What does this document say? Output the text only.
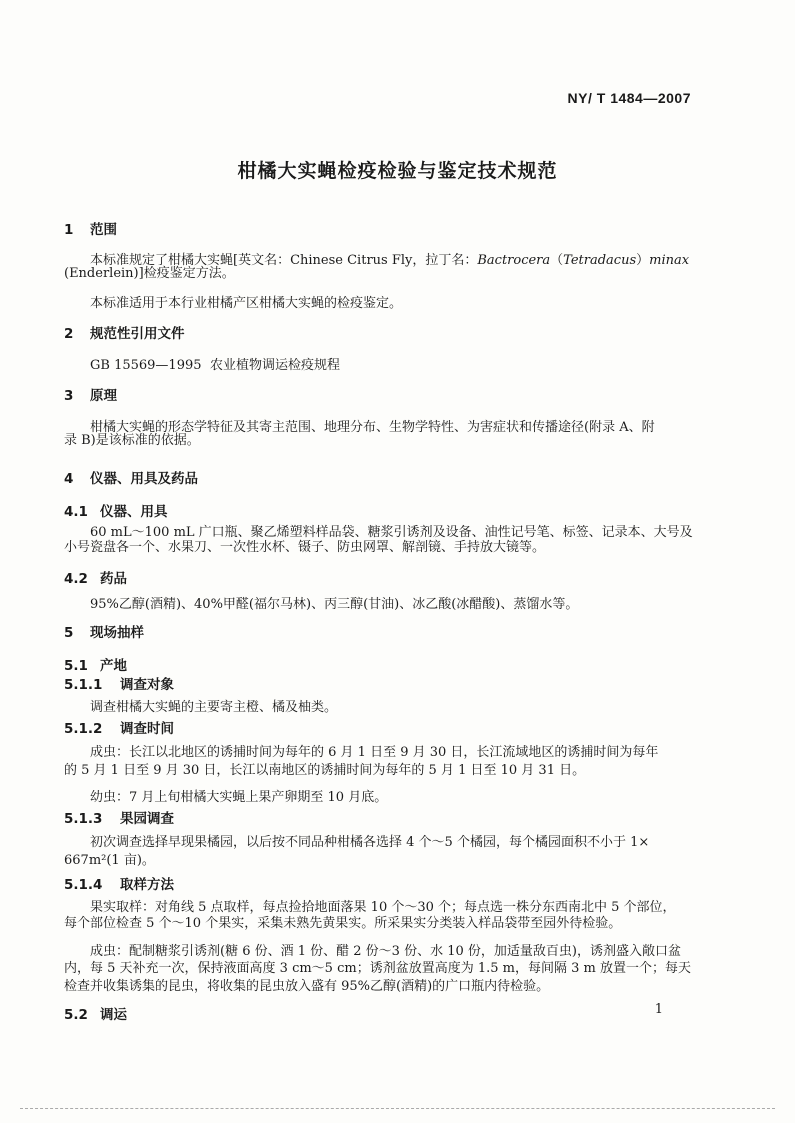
NY/ T 1484—2007
柑橘大实蝇检疫检验与鉴定技术规范
1 范围
本标准规定了柑橘大实蝇[英文名：Chinese Citrus Fly，拉丁名：Bactrocera（Tetradacus）minax
(Enderlein)]检疫鉴定方法。
本标准适用于本行业柑橘产区柑橘大实蝇的检疫鉴定。
2 规范性引用文件
GB 15569—1995 农业植物调运检疫规程
3 原理
柑橘大实蝇的形态学特征及其寄主范围、地理分布、生物学特性、为害症状和传播途径(附录 A、附
录 B)是该标准的依据。
4 仪器、用具及药品
4.1 仪器、用具
60 mL～100 mL 广口瓶、聚乙烯塑料样品袋、糖浆引诱剂及设备、油性记号笔、标签、记录本、大号及
小号瓷盘各一个、水果刀、一次性水杯、镊子、防虫网罩、解剖镜、手持放大镜等。
4.2 药品
95%乙醇(酒精)、40%甲醛(福尔马林)、丙三醇(甘油)、冰乙酸(冰醋酸)、蒸馏水等。
5 现场抽样
5.1 产地
5.1.1 调查对象
调查柑橘大实蝇的主要寄主橙、橘及柚类。
5.1.2 调查时间
成虫：长江以北地区的诱捕时间为每年的 6 月 1 日至 9 月 30 日，长江流域地区的诱捕时间为每年
的 5 月 1 日至 9 月 30 日，长江以南地区的诱捕时间为每年的 5 月 1 日至 10 月 31 日。
幼虫：7 月上旬柑橘大实蝇上果产卵期至 10 月底。
5.1.3 果园调查
初次调查选择早现果橘园，以后按不同品种柑橘各选择 4 个～5 个橘园，每个橘园面积不小于 1×
667m²(1 亩)。
5.1.4 取样方法
果实取样：对角线 5 点取样，每点捡拾地面落果 10 个～30 个；每点选一株分东西南北中 5 个部位，
每个部位检查 5 个～10 个果实，采集未熟先黄果实。所采果实分类装入样品袋带至园外待检验。
成虫：配制糖浆引诱剂(糖 6 份、酒 1 份、醋 2 份～3 份、水 10 份，加适量敌百虫)，诱剂盛入敞口盆
内，每 5 天补充一次，保持液面高度 3 cm～5 cm；诱剂盆放置高度为 1.5 m，每间隔 3 m 放置一个；每天
检查并收集诱集的昆虫，将收集的昆虫放入盛有 95%乙醇(酒精)的广口瓶内待检验。
5.2 调运	1
